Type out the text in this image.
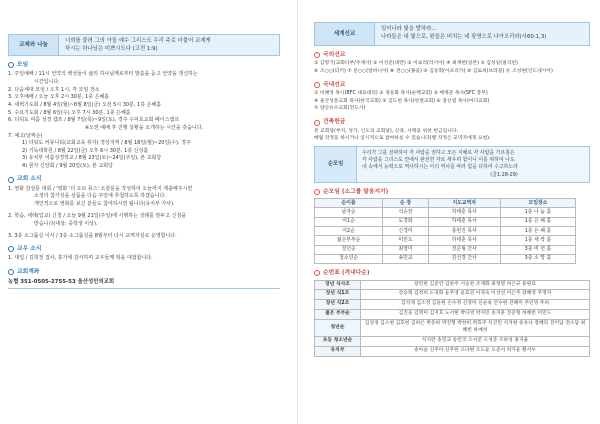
교제와 나눔
너희를 붙려 그의 아들 예수 그리스도 우리 주로 더불어 교제케
하시는 하나님은 미쁘시도다 (고전 1:9)
모임
1. 주일예배 / 11시 언약의 백성들이 삶의 하나님께로부터 말씀을 듣고 언약을 갱신하는
시간입니다.
2. 다음세대 모임 / 오후 1시, 각 모임 장소
3. 오후예배 / 오늘 오후 2시 30분, 1층 은혜홀
4. 새벽기도회 / 8월 4일(월)~8월 8일(금) 오전 5시 30분, 1층 은혜홀
5. 수요기도회 / 8월 6일(수) 오후 7시 30분, 1층 은혜홀
6. 더워도 여름 성경 캠프 / 8월 7일(목)~9일(토), 경주 수덕호교회 베이스캠프
※오전 예배 후 진행 상황을 소개하는 시간을 갖습니다.
7. 예고(날짜순)
1) 더워도 커뮤니티(교회교육 위자) 경상지역 / 8월 18일(월)~20일(수), 경주
2) 기독대학원 / 8월 22일(금) 오후 6시 30분, 1층 신성홀
3) 유치부 여름성경학교 / 8월 23일(토)~24일(주일), 본 교회당
4) 꿈자 신앙회 / 9월 20일(토), 본 교회당
교회 소식
1. 영화 감상문 대회 / '영화 '더 오브 뮤스' 소감문을 작성하여 오늘까지 제출해주시면
소정의 참가상을 상품을 다음 주일에 추첨하도록 하겠습니다.
개인적으로 영화를 보신 분들도 참여하시면 됩니다(유치부 가사).
2. 학습, 세례(입교) 신청 / 오늘 9월 21일(주일)에 시행하는 성례를 앞두고 신청을
받습니다(대상: 중학생 이상).
3. 3층 소그룹실 이사 / 3층 소그룹실을 8월부터 다시 교역자실로 운영합니다.
교우 소식
1. 대입 / 김희정 집사, 휴가에 감사하며 교우들께 떡을 대접합니다.
교회계좌
농협 351-0505-2755-53 울산성민의교회
세계선교
일어나라 빛을 발하라...
나라들은 네 빛으로, 왕들은 비치는 네 광명으로 나아오리라(사60:1,3)
국외선교
① 김형기(교회다부/주재사) ② 이성준(대만) ③ 이보리(러시아) ④ 최재헌(일본) ⑤ 김성일(필리핀)
⑥ 조○○(터키) ⑦ 문○○(알바니아) ⑧ 전○○(몽골) ⑨ 김동휘(아프리카) ⑩ 김토희(브라질) ⑪ 조성현(인도네시아)
국내선교
① 비혜영 목사(BFC 대표대리) ② 경동화 목사(순백교회) ③ 배재준 목사(SFC 총무)
④ 울산성문교회 목사(한국교회) ⑤ 김도현 목사(한결교회) ⑥ 장신엽 목사(마디교회)
⑦ 양산유수교회(전도사)
건축헌금
본 교회당(부지, 성가, 인도의 교회당), 신축, 사택을 위한 헌금입니다.
매월 작정을 하시거나 일시적으로 참여하실 수 있습니다(별 작정은 교역자에게 요청).
순모임
우리가 그를 전파하여 각 사람을 권하고 모든 지혜로 각 사람을 가르침은
각 사람을 그리스도 안에서 완전한 자로 세우려 함이니 이를 위하여 나도
내 속에서 능력으로 역사하시는 이의 역사를 따라 힘을 다하여 수고하노라
(골1:28-29)
순모임 (소그룹 맡음지기)
순이름	순 장	지도교역자	모임장소
남자순	석승찬	하태훈 목사	1층 나 눔 홀
여1순	도경화	하태훈 목사	1층 은 혜 홀
여2순	신경미	홍현진 목사	1층 은 혜 홀
젊은부부순	미민도	하태훈 목사	1층 새 싹 홀
청년순	최영미	전준형 간사	3층 비 전 홀
청소년순	송민교	김선경 간사	3층 소 망 홀
순번표 (격내다순)
장년 식사조	장민한 김준안 김한주 서승찬 조재화 최정열 허은규 용원표
장년 식1조	강승래 김정희 도경화 윤주영 윤효연 이경숙 이상선 이은주 장혜영 주정자
장년 식2조	김석제 김소정 김윤현 손수정 신경미 신순옥 안수현 전혜미 주인영 주희
젊은 부부순	김진웅 김명미 김지호 노서현 박다영 박지민 송지훈 전준형 허혜빈 미민도
청년순	김성경 김소현 김호현 김하은 박동하 박진형 박한비 박효주 석진민 석지현 송유나 장혜라 전미담 전소담 최혜빈 하예성
초등 청소년순	석지완 송민교 송민국 오서준 오성준 조하성 홍지율
유치부	송아윤 신주아 신주한 오다현 오도윤 오준서 허가윤 황서우
